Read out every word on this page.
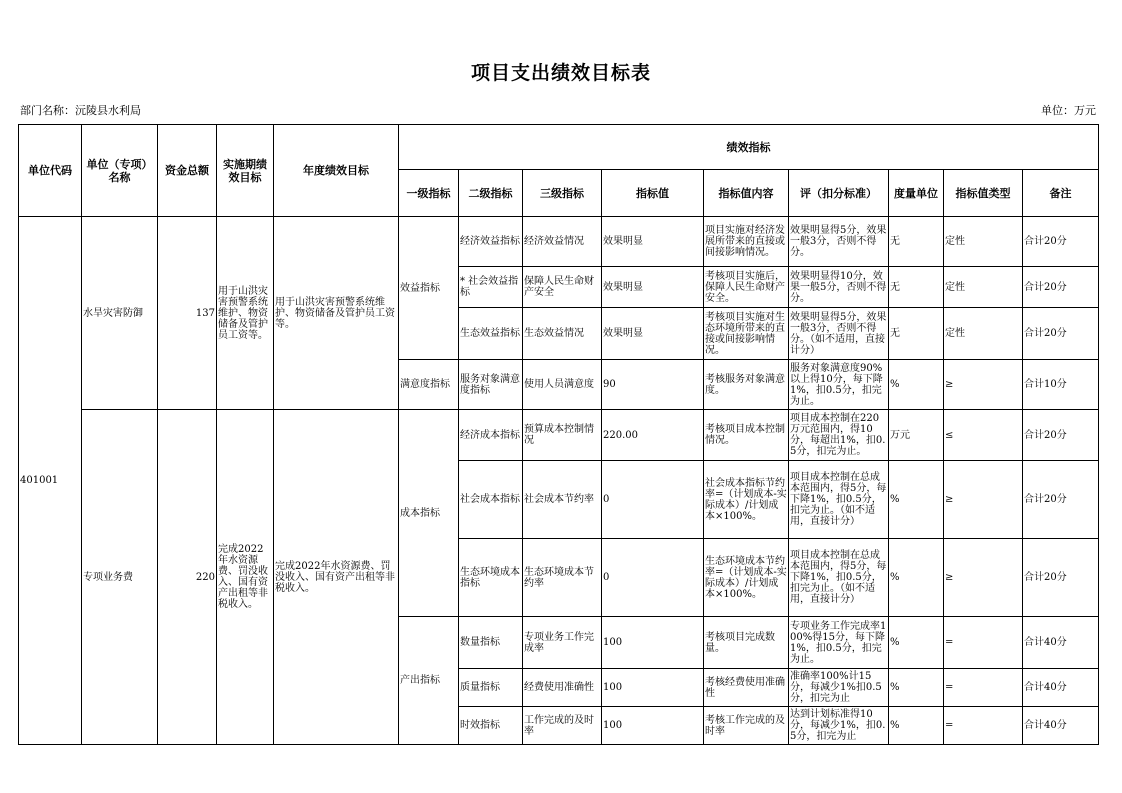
项目支出绩效目标表
部门名称：沅陵县水利局	单位：万元
单位代码	单位（专项）名称	资金总额	实施期绩效目标	年度绩效目标	绩效指标								
					一级指标	二级指标	三级指标	指标值	指标值内容	评（扣分标准）	度量单位	指标值类型	备注
401001	水旱灾害防御	137	用于山洪灾害预警系统维护、物资储备及管护员工资等。	用于山洪灾害预警系统维护、物资储备及管护员工资等。	效益指标	经济效益指标	经济效益情况	效果明显	项目实施对经济发展所带来的直接或间接影响情况。	效果明显得5分，效果一般3分，否则不得分。	无	定性	合计20分
						* 社会效益指标	保障人民生命财产安全	效果明显	考核项目实施后，保障人民生命财产安全。	效果明显得10分，效果一般5分，否则不得分。	无	定性	合计20分
						生态效益指标	生态效益情况	效果明显	考核项目实施对生态环境所带来的直接或间接影响情况。	效果明显得5分，效果一般3分，否则不得分。（如不适用，直接计分）	无	定性	合计20分
					满意度指标	服务对象满意度指标	使用人员满意度	90	考核服务对象满意度。	服务对象满意度90%以上得10分，每下降1%，扣0.5分，扣完为止。	%	≥	合计10分
	专项业务费	220	完成2022年水资源费、罚没收入、国有资产出租等非税收入。	完成2022年水资源费、罚没收入、国有资产出租等非税收入。	成本指标	经济成本指标	预算成本控制情况	220.00	考核项目成本控制情况。	项目成本控制在220万元范围内，得10分，每超出1%，扣0.5分，扣完为止。	万元	≤	合计20分
						社会成本指标	社会成本节约率	0	社会成本指标节约率=（计划成本-实际成本）/计划成本×100%。	项目成本控制在总成本范围内，得5分，每下降1%，扣0.5分，扣完为止。（如不适用，直接计分）	%	≥	合计20分
						生态环境成本指标	生态环境成本节约率	0	生态环境成本节约率=（计划成本-实际成本）/计划成本×100%。	项目成本控制在总成本范围内，得5分，每下降1%，扣0.5分，扣完为止。（如不适用，直接计分）	%	≥	合计20分
					产出指标	数量指标	专项业务工作完成率	100	考核项目完成数量。	专项业务工作完成率100%得15分，每下降1%，扣0.5分，扣完为止。	%	=	合计40分
						质量指标	经费使用准确性	100	考核经费使用准确性	准确率100%计15分，每减少1%扣0.5分，扣完为止	%	=	合计40分
						时效指标	工作完成的及时率	100	考核工作完成的及时率	达到计划标准得10分，每减少1%，扣0.5分，扣完为止	%	=	合计40分
